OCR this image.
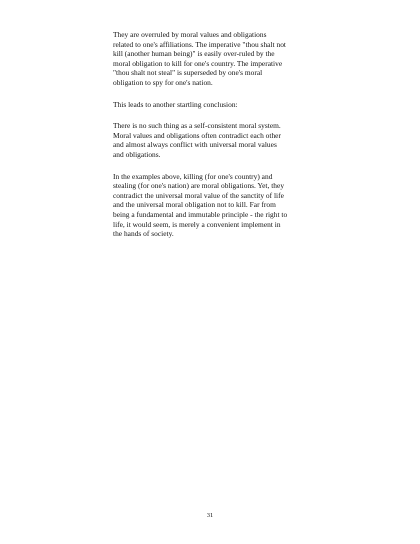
They are overruled by moral values and obligations
related to one's affiliations. The imperative "thou shalt not
kill (another human being)" is easily over-ruled by the
moral obligation to kill for one's country. The imperative
"thou shalt not steal" is superseded by one's moral
obligation to spy for one's nation.

This leads to another startling conclusion:

There is no such thing as a self-consistent moral system.
Moral values and obligations often contradict each other
and almost always conflict with universal moral values
and obligations.

In the examples above, killing (for one's country) and
stealing (for one's nation) are moral obligations. Yet, they
contradict the universal moral value of the sanctity of life
and the universal moral obligation not to kill. Far from
being a fundamental and immutable principle - the right to
life, it would seem, is merely a convenient implement in
the hands of society.

31
